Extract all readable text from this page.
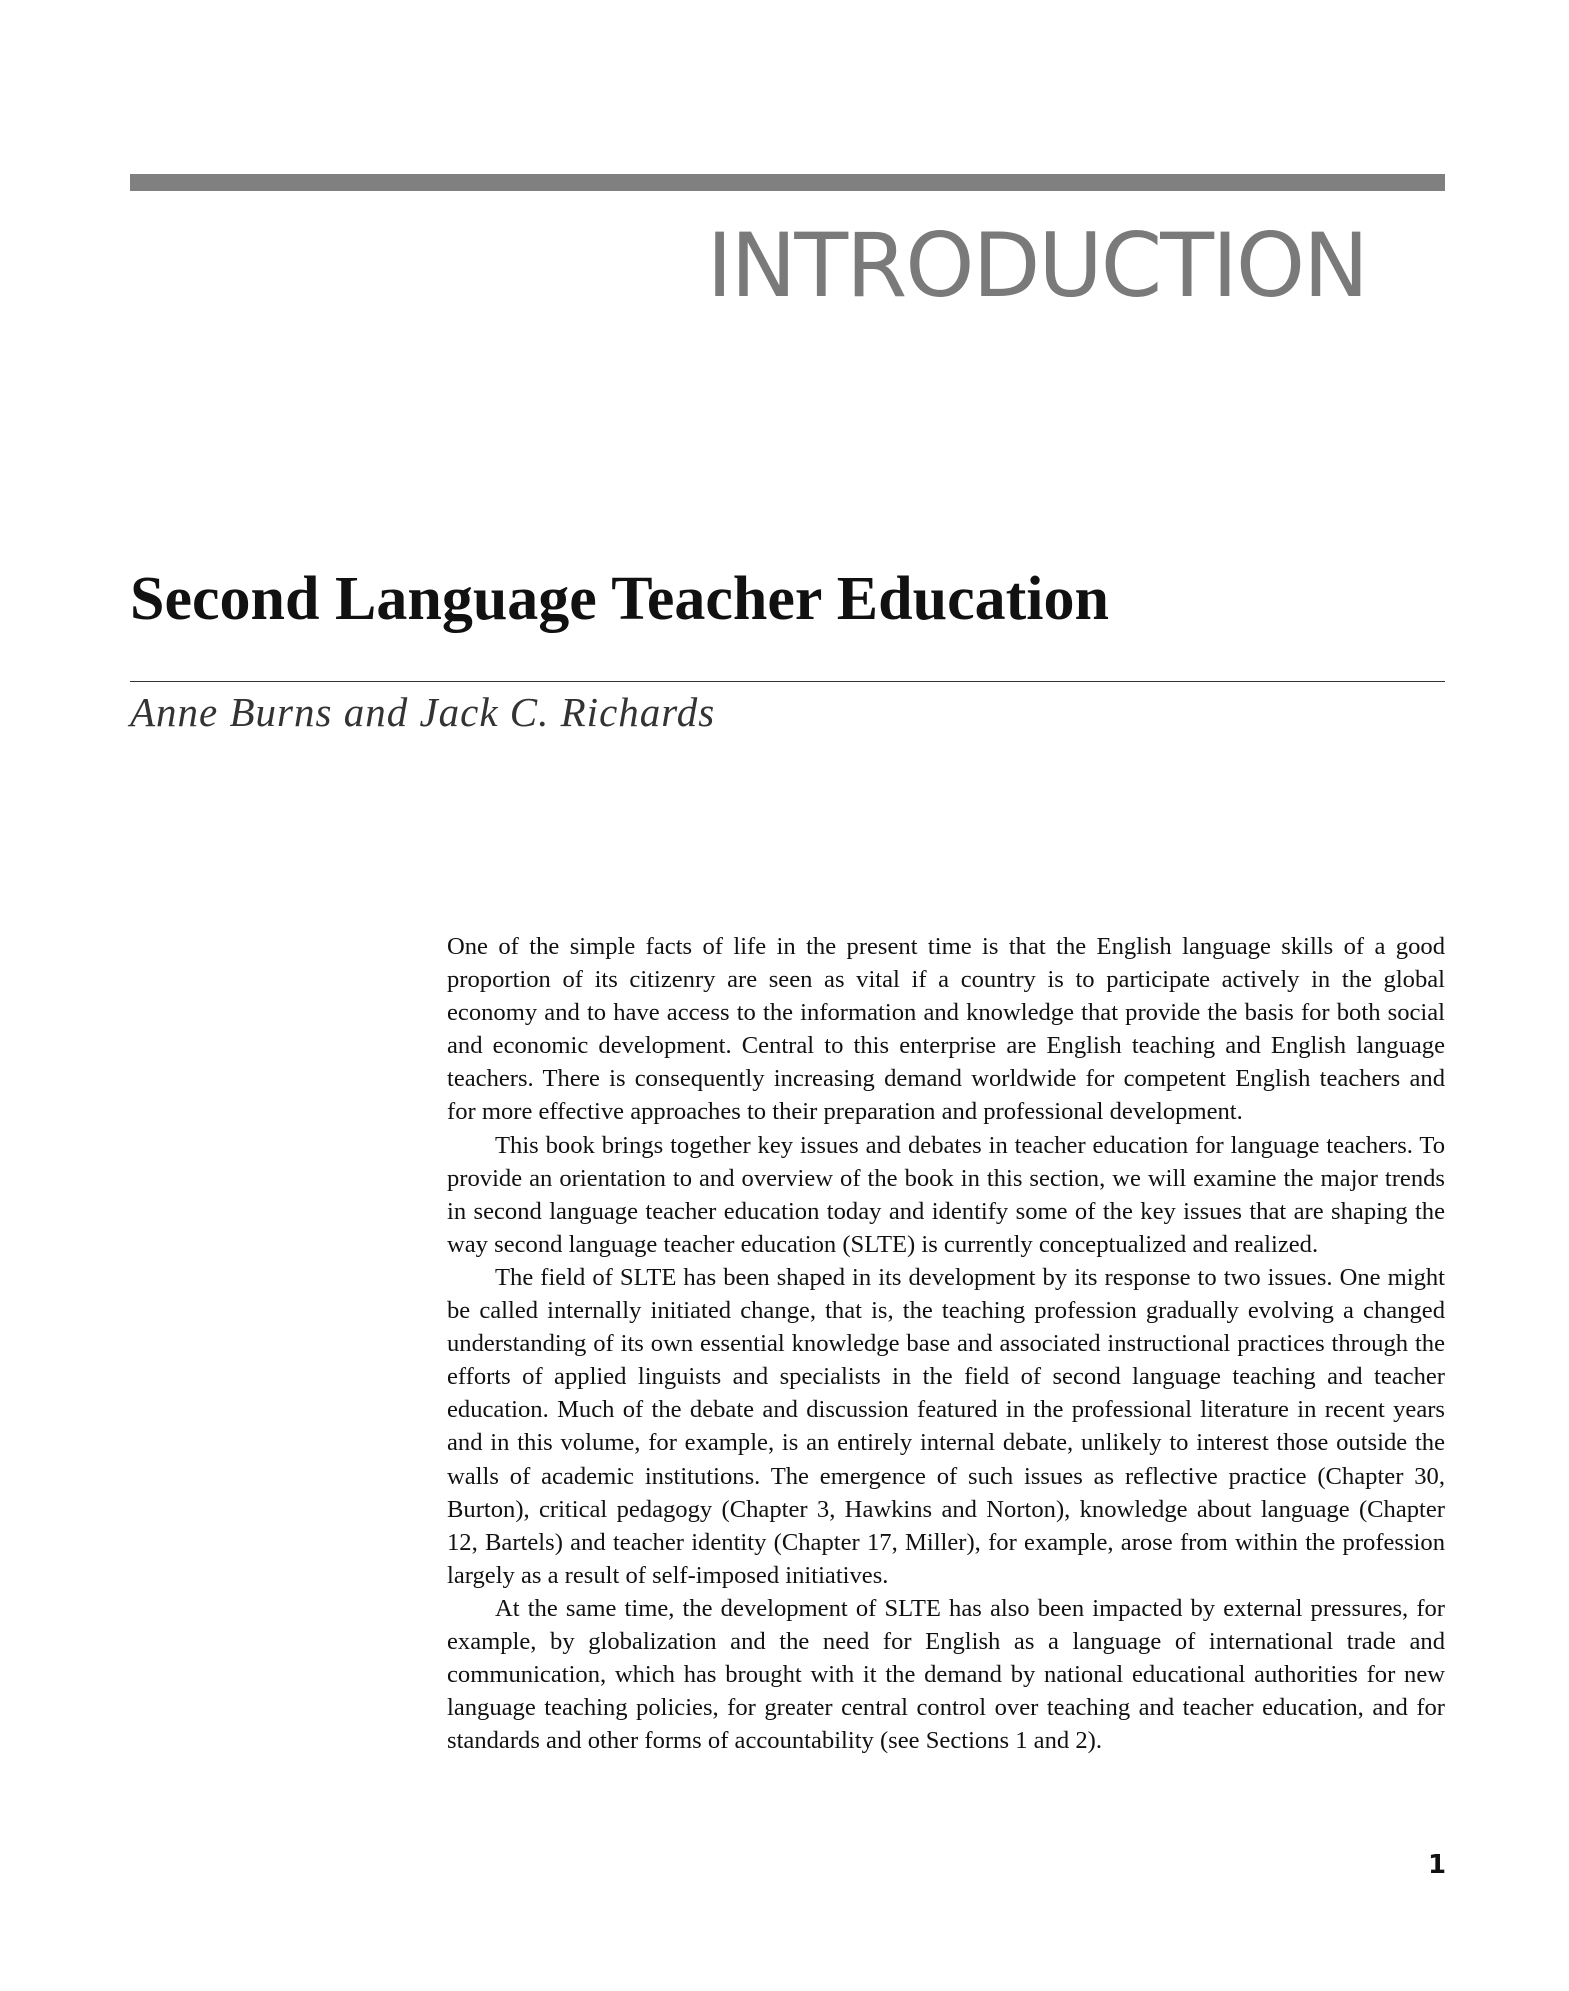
INTRODUCTION
Second Language Teacher Education
Anne Burns and Jack C. Richards

One of the simple facts of life in the present time is that the English language skills of a good proportion of its citizenry are seen as vital if a country is to participate actively in the global economy and to have access to the information and knowledge that provide the basis for both social and economic development. Central to this enterprise are English teaching and English language teachers. There is consequently increasing demand worldwide for competent English teachers and for more effective approaches to their preparation and professional development.

This book brings together key issues and debates in teacher education for language teachers. To provide an orientation to and overview of the book in this section, we will examine the major trends in second language teacher education today and identify some of the key issues that are shaping the way second language teacher education (SLTE) is currently conceptualized and realized.

The field of SLTE has been shaped in its development by its response to two issues. One might be called internally initiated change, that is, the teaching profession gradually evolving a changed understanding of its own essential knowledge base and associated instructional practices through the efforts of applied linguists and specialists in the field of second language teaching and teacher education. Much of the debate and discussion featured in the professional literature in recent years and in this volume, for example, is an entirely internal debate, unlikely to interest those outside the walls of academic institutions. The emergence of such issues as reflective practice (Chapter 30, Burton), critical pedagogy (Chapter 3, Hawkins and Norton), knowledge about language (Chapter 12, Bartels) and teacher identity (Chapter 17, Miller), for example, arose from within the profession largely as a result of self-imposed initiatives.

At the same time, the development of SLTE has also been impacted by external pressures, for example, by globalization and the need for English as a language of international trade and communication, which has brought with it the demand by national educational authorities for new language teaching policies, for greater central control over teaching and teacher education, and for standards and other forms of accountability (see Sections 1 and 2).

1
